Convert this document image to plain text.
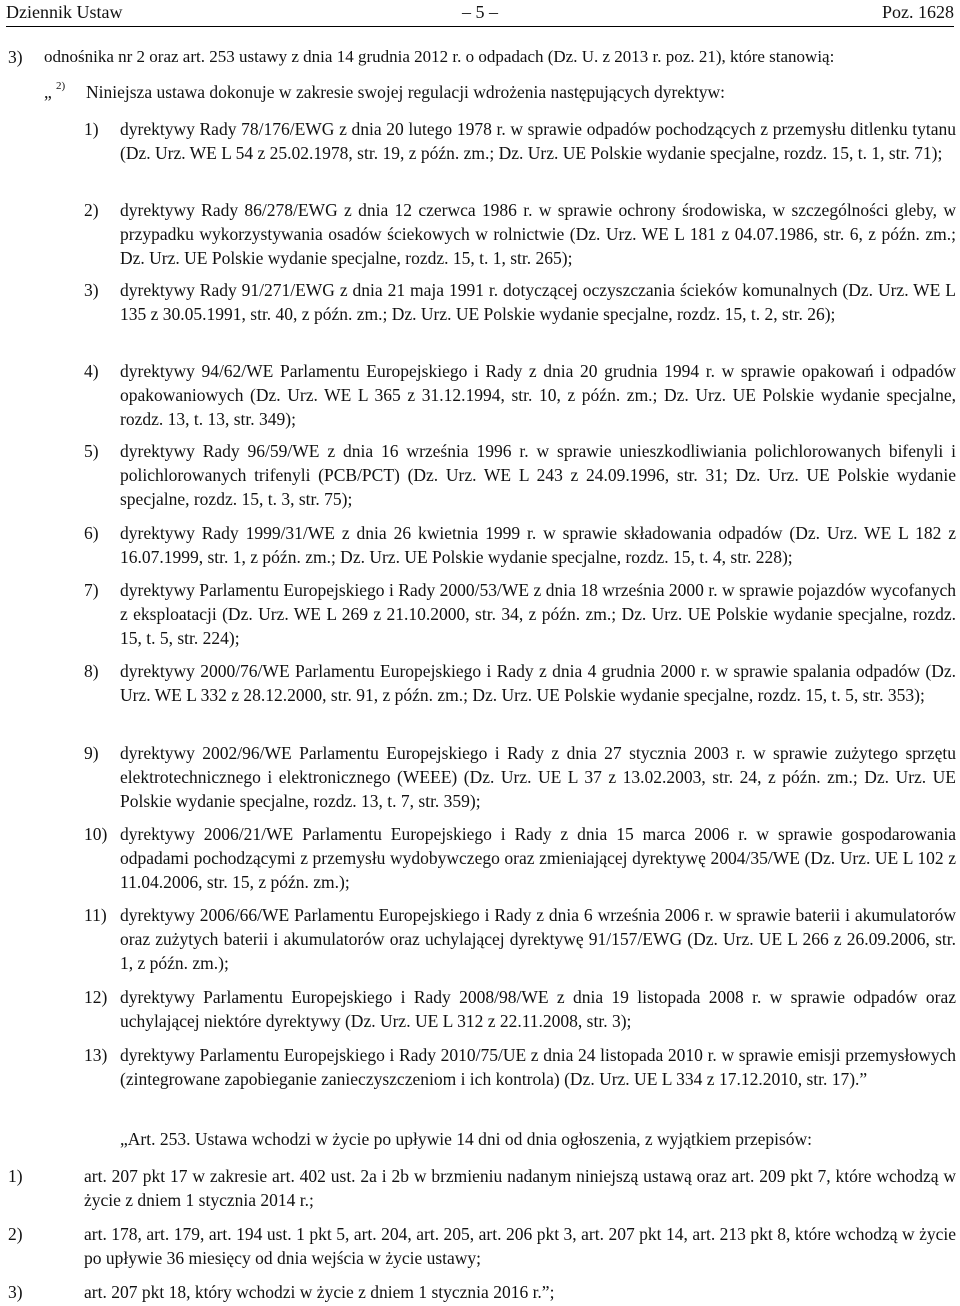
Dziennik Ustaw	– 5 –	Poz. 1628
3) odnośnika nr 2 oraz art. 253 ustawy z dnia 14 grudnia 2012 r. o odpadach (Dz. U. z 2013 r. poz. 21), które stanowią:
„ 2) Niniejsza ustawa dokonuje w zakresie swojej regulacji wdrożenia następujących dyrektyw:
1) dyrektywy Rady 78/176/EWG z dnia 20 lutego 1978 r. w sprawie odpadów pochodzących z przemysłu ditlenku tytanu (Dz. Urz. WE L 54 z 25.02.1978, str. 19, z późn. zm.; Dz. Urz. UE Polskie wydanie specjalne, rozdz. 15, t. 1, str. 71);
2) dyrektywy Rady 86/278/EWG z dnia 12 czerwca 1986 r. w sprawie ochrony środowiska, w szczególności gleby, w przypadku wykorzystywania osadów ściekowych w rolnictwie (Dz. Urz. WE L 181 z 04.07.1986, str. 6, z późn. zm.; Dz. Urz. UE Polskie wydanie specjalne, rozdz. 15, t. 1, str. 265);
3) dyrektywy Rady 91/271/EWG z dnia 21 maja 1991 r. dotyczącej oczyszczania ścieków komunalnych (Dz. Urz. WE L 135 z 30.05.1991, str. 40, z późn. zm.; Dz. Urz. UE Polskie wydanie specjalne, rozdz. 15, t. 2, str. 26);
4) dyrektywy 94/62/WE Parlamentu Europejskiego i Rady z dnia 20 grudnia 1994 r. w sprawie opakowań i odpadów opakowaniowych (Dz. Urz. WE L 365 z 31.12.1994, str. 10, z późn. zm.; Dz. Urz. UE Polskie wydanie specjalne, rozdz. 13, t. 13, str. 349);
5) dyrektywy Rady 96/59/WE z dnia 16 września 1996 r. w sprawie unieszkodliwiania polichlorowanych bifenyli i polichlorowanych trifenyli (PCB/PCT) (Dz. Urz. WE L 243 z 24.09.1996, str. 31; Dz. Urz. UE Polskie wydanie specjalne, rozdz. 15, t. 3, str. 75);
6) dyrektywy Rady 1999/31/WE z dnia 26 kwietnia 1999 r. w sprawie składowania odpadów (Dz. Urz. WE L 182 z 16.07.1999, str. 1, z późn. zm.; Dz. Urz. UE Polskie wydanie specjalne, rozdz. 15, t. 4, str. 228);
7) dyrektywy Parlamentu Europejskiego i Rady 2000/53/WE z dnia 18 września 2000 r. w sprawie pojazdów wycofanych z eksploatacji (Dz. Urz. WE L 269 z 21.10.2000, str. 34, z późn. zm.; Dz. Urz. UE Polskie wydanie specjalne, rozdz. 15, t. 5, str. 224);
8) dyrektywy 2000/76/WE Parlamentu Europejskiego i Rady z dnia 4 grudnia 2000 r. w sprawie spalania odpadów (Dz. Urz. WE L 332 z 28.12.2000, str. 91, z późn. zm.; Dz. Urz. UE Polskie wydanie specjalne, rozdz. 15, t. 5, str. 353);
9) dyrektywy 2002/96/WE Parlamentu Europejskiego i Rady z dnia 27 stycznia 2003 r. w sprawie zużytego sprzętu elektrotechnicznego i elektronicznego (WEEE) (Dz. Urz. UE L 37 z 13.02.2003, str. 24, z późn. zm.; Dz. Urz. UE Polskie wydanie specjalne, rozdz. 13, t. 7, str. 359);
10) dyrektywy 2006/21/WE Parlamentu Europejskiego i Rady z dnia 15 marca 2006 r. w sprawie gospodarowania odpadami pochodzącymi z przemysłu wydobywczego oraz zmieniającej dyrektywę 2004/35/WE (Dz. Urz. UE L 102 z 11.04.2006, str. 15, z późn. zm.);
11) dyrektywy 2006/66/WE Parlamentu Europejskiego i Rady z dnia 6 września 2006 r. w sprawie baterii i akumulatorów oraz zużytych baterii i akumulatorów oraz uchylającej dyrektywę 91/157/EWG (Dz. Urz. UE L 266 z 26.09.2006, str. 1, z późn. zm.);
12) dyrektywy Parlamentu Europejskiego i Rady 2008/98/WE z dnia 19 listopada 2008 r. w sprawie odpadów oraz uchylającej niektóre dyrektywy (Dz. Urz. UE L 312 z 22.11.2008, str. 3);
13) dyrektywy Parlamentu Europejskiego i Rady 2010/75/UE z dnia 24 listopada 2010 r. w sprawie emisji przemysłowych (zintegrowane zapobieganie zanieczyszczeniom i ich kontrola) (Dz. Urz. UE L 334 z 17.12.2010, str. 17).”
„Art. 253. Ustawa wchodzi w życie po upływie 14 dni od dnia ogłoszenia, z wyjątkiem przepisów:
1)	art. 207 pkt 17 w zakresie art. 402 ust. 2a i 2b w brzmieniu nadanym niniejszą ustawą oraz art. 209 pkt 7, które wchodzą w życie z dniem 1 stycznia 2014 r.;
2)	art. 178, art. 179, art. 194 ust. 1 pkt 5, art. 204, art. 205, art. 206 pkt 3, art. 207 pkt 14, art. 213 pkt 8, które wchodzą w życie po upływie 36 miesięcy od dnia wejścia w życie ustawy;
3)	art. 207 pkt 18, który wchodzi w życie z dniem 1 stycznia 2016 r.”;
